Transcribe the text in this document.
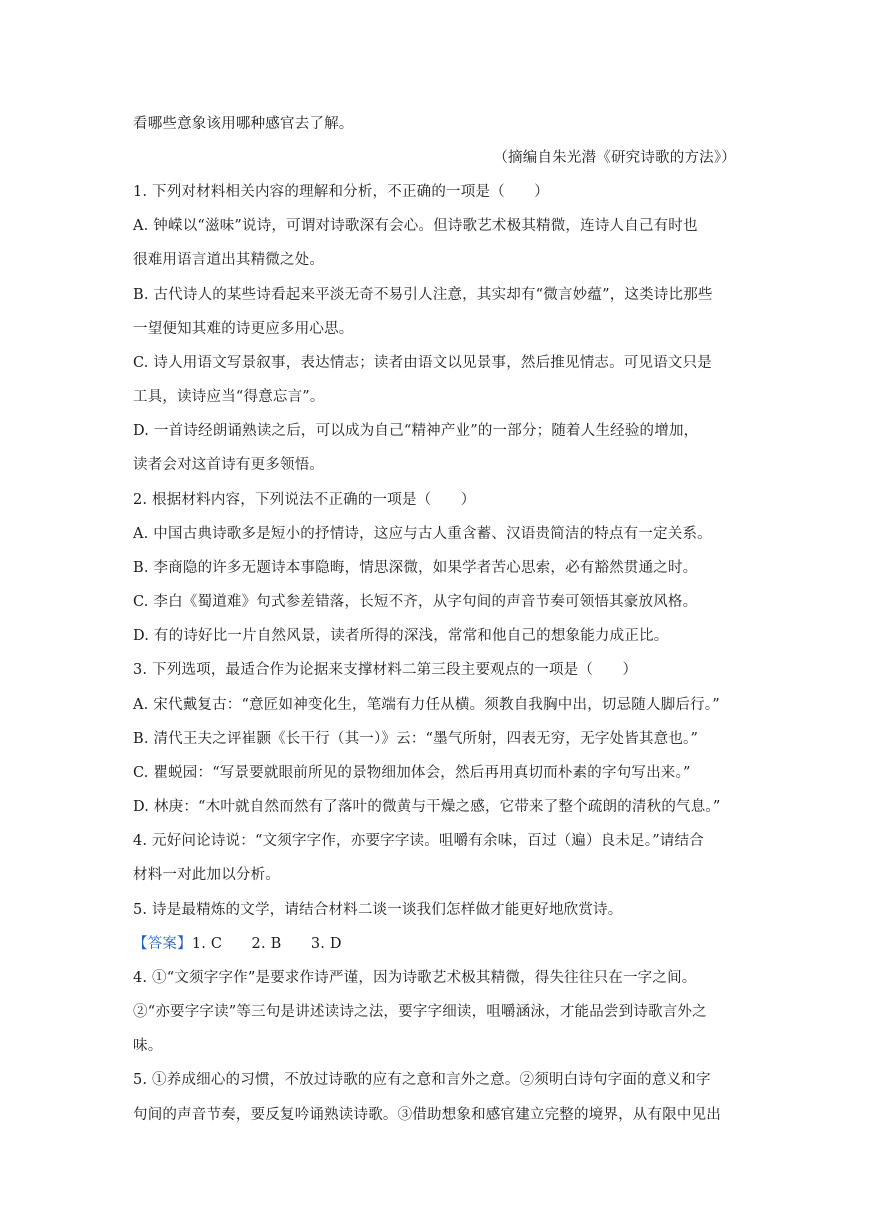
看哪些意象该用哪种感官去了解。
（摘编自朱光潜《研究诗歌的方法》）
1. 下列对材料相关内容的理解和分析，不正确的一项是（　　）
A. 钟嵘以“滋味”说诗，可谓对诗歌深有会心。但诗歌艺术极其精微，连诗人自己有时也
很难用语言道出其精微之处。
B. 古代诗人的某些诗看起来平淡无奇不易引人注意，其实却有“微言妙蕴”，这类诗比那些
一望便知其难的诗更应多用心思。
C. 诗人用语文写景叙事，表达情志；读者由语文以见景事，然后推见情志。可见语文只是
工具，读诗应当“得意忘言”。
D. 一首诗经朗诵熟读之后，可以成为自己“精神产业”的一部分；随着人生经验的增加，
读者会对这首诗有更多领悟。
2. 根据材料内容，下列说法不正确的一项是（　　）
A. 中国古典诗歌多是短小的抒情诗，这应与古人重含蓄、汉语贵简洁的特点有一定关系。
B. 李商隐的许多无题诗本事隐晦，情思深微，如果学者苦心思索，必有豁然贯通之时。
C. 李白《蜀道难》句式参差错落，长短不齐，从字句间的声音节奏可领悟其豪放风格。
D. 有的诗好比一片自然风景，读者所得的深浅，常常和他自己的想象能力成正比。
3. 下列选项，最适合作为论据来支撑材料二第三段主要观点的一项是（　　）
A. 宋代戴复古：“意匠如神变化生，笔端有力任从横。须教自我胸中出，切忌随人脚后行。”
B. 清代王夫之评崔颢《长干行（其一）》云：“墨气所射，四表无穷，无字处皆其意也。”
C. 瞿蜕园：“写景要就眼前所见的景物细加体会，然后再用真切而朴素的字句写出来。”
D. 林庚：“木叶就自然而然有了落叶的微黄与干燥之感，它带来了整个疏朗的清秋的气息。”
4. 元好问论诗说：“文须字字作，亦要字字读。咀嚼有余味，百过（遍）良未足。”请结合
材料一对此加以分析。
5. 诗是最精炼的文学，请结合材料二谈一谈我们怎样做才能更好地欣赏诗。
【答案】1. C　　2. B　　3. D
4. ①“文须字字作”是要求作诗严谨，因为诗歌艺术极其精微，得失往往只在一字之间。
②“亦要字字读”等三句是讲述读诗之法，要字字细读，咀嚼涵泳，才能品尝到诗歌言外之
味。
5. ①养成细心的习惯，不放过诗歌的应有之意和言外之意。②须明白诗句字面的意义和字
句间的声音节奏，要反复吟诵熟读诗歌。③借助想象和感官建立完整的境界，从有限中见出
